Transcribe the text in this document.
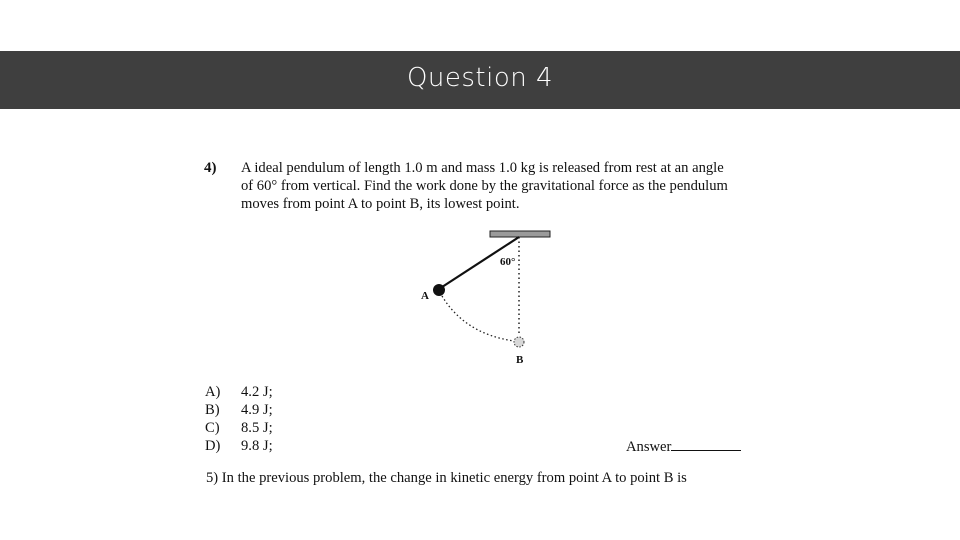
Question 4
4) A ideal pendulum of length 1.0 m and mass 1.0 kg is released from rest at an angle
of 60° from vertical. Find the work done by the gravitational force as the pendulum
moves from point A to point B, its lowest point.
60°
A
B
A) 4.2 J;
B) 4.9 J;
C) 8.5 J;
D) 9.8 J;	Answer
5) In the previous problem, the change in kinetic energy from point A to point B is
